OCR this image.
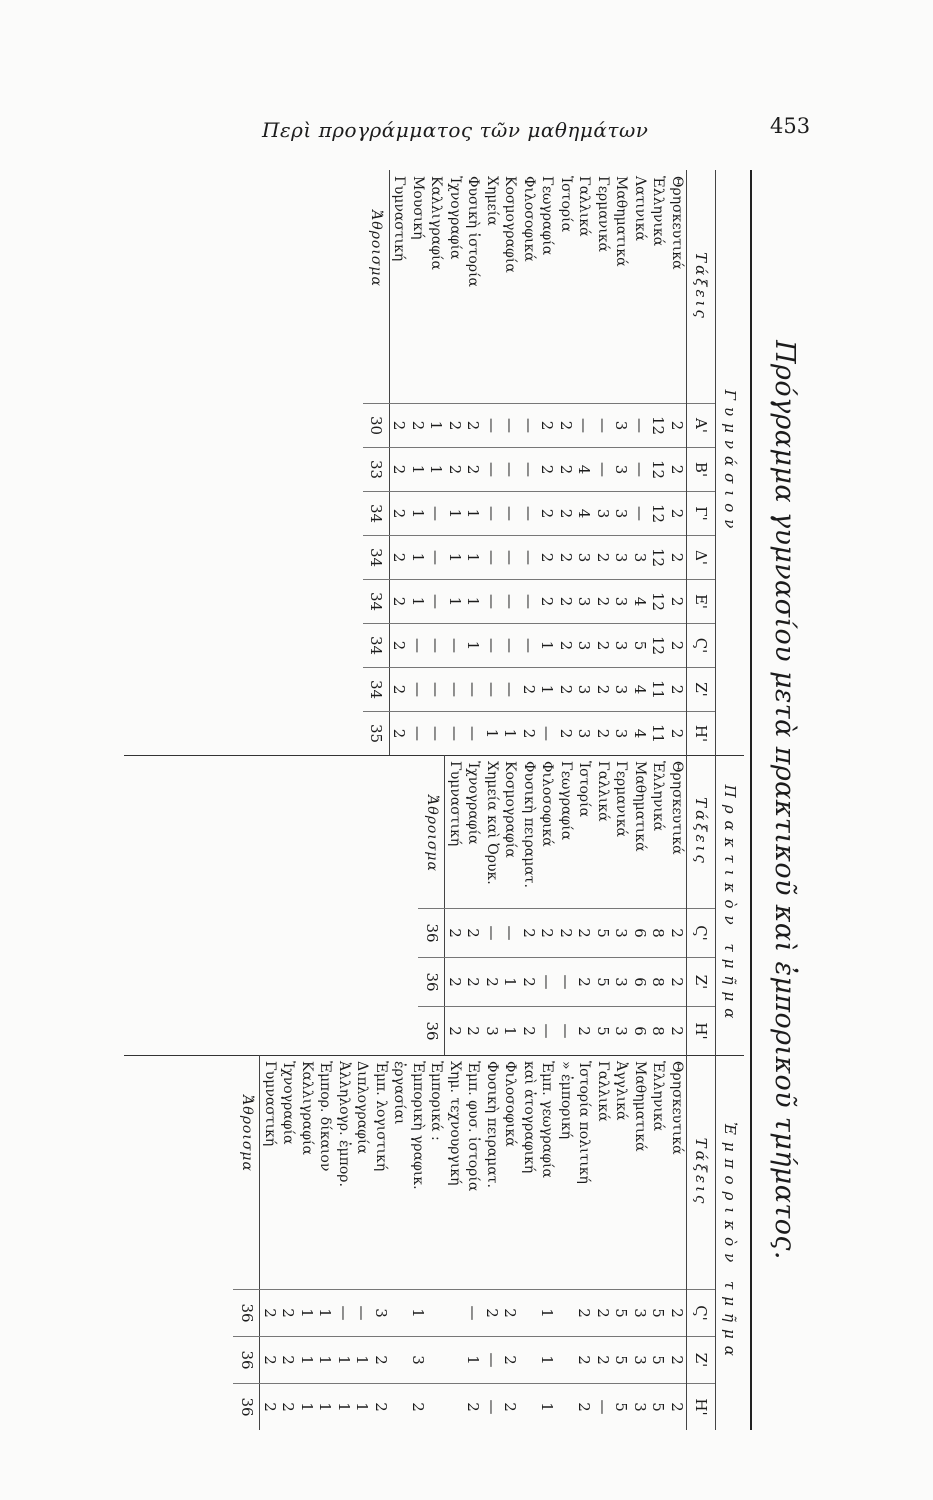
Περὶ προγράμματος τῶν μαθημάτων	453
Πρόγραμμα γυμνασίου μετὰ πρακτικοῦ καὶ ἐμπορικοῦ τμήματος.
Γυμνάσιον
Τάξεις	Α'	Β'	Γ'	Δ'	Ε'	Ϛ'	Ζ'	Η'
Θρησκευτικά	2	2	2	2	2	2	2	2
Ἑλληνικά	12	12	12	12	12	12	11	11
Λατινικά	—	—	—	3	4	5	4	4
Μαθηματικά	3	3	3	3	3	3	3	3
Γερμανικά	—	—	3	2	2	2	2	2
Γαλλικά	—	4	4	3	3	3	3	3
Ἱστορία	2	2	2	2	2	2	2	2
Γεωγραφία	2	2	2	2	2	1	1	—
Φιλοσοφικά	—	—	—	—	—	—	2	2
Κοσμογραφία	—	—	—	—	—	—	—	1
Χημεία	—	—	—	—	—	—	—	1
Φυσικὴ ἱστορία	2	2	1	1	1	1	—	—
Ἰχνογραφία	2	2	1	1	1	—	—	—
Καλλιγραφία	1	1	—	—	—	—	—	—
Μουσική	2	1	1	1	1	—	—	—
Γυμναστική	2	2	2	2	2	2	2	2
Ἄθροισμα	30	33	34	34	34	34	34	35
Πρακτικὸν τμῆμα
Τάξεις	Ϛ'	Ζ'	Η'
Θρησκευτικά	2	2	2
Ἑλληνικά	8	8	8
Μαθηματικά	6	6	6
Γερμανικά	3	3	3
Γαλλικά	5	5	5
Ἱστορία	2	2	2
Γεωγραφία	2	—	—
Φιλοσοφικά	2	—	—
Φυσικὴ πειραματ.	2	2	2
Κοσμογραφία	—	1	1
Χημεία καὶ Ὀρυκ.	—	2	3
Ἰχνογραφία	2	2	2
Γυμναστική	2	2	2
Ἄθροισμα	36	36	36
Ἐμπορικὸν τμῆμα
Τάξεις	Ϛ'	Ζ'	Η'
Θρησκευτικά	2	2	2
Ἑλληνικά	5	5	5
Μαθηματικά	3	3	3
Ἀγγλικά	5	5	5
Γαλλικά	2	2	—
Ἱστορία πολιτική	2	2	2
» ἐμπορική			
Ἐμπ. γεωγραφία	1	1	1
καὶ ἀτογραφική			
Φιλοσοφικά	2	2	2
Φυσικὴ πειραματ.	2	—	—
Ἐμπ. φυσ. ἱστορία	—	1	2
Χημ. τεχνουργική			
Ἐμπορικά :			
Ἐμπορικὴ γραφικ.	1	3	2
ἐργασίαι			
Ἐμπ. λογιστική	3	2	2
Διπλογραφία	—	1	1
Ἀλληλογρ. ἐμπορ.	—	1	1
Ἐμπορ. δίκαιον	1	1	1
Καλλιγραφία	1	1	1
Ἰχνογραφία	2	2	2
Γυμναστική	2	2	2
Ἄθροισμα	36	36	36
